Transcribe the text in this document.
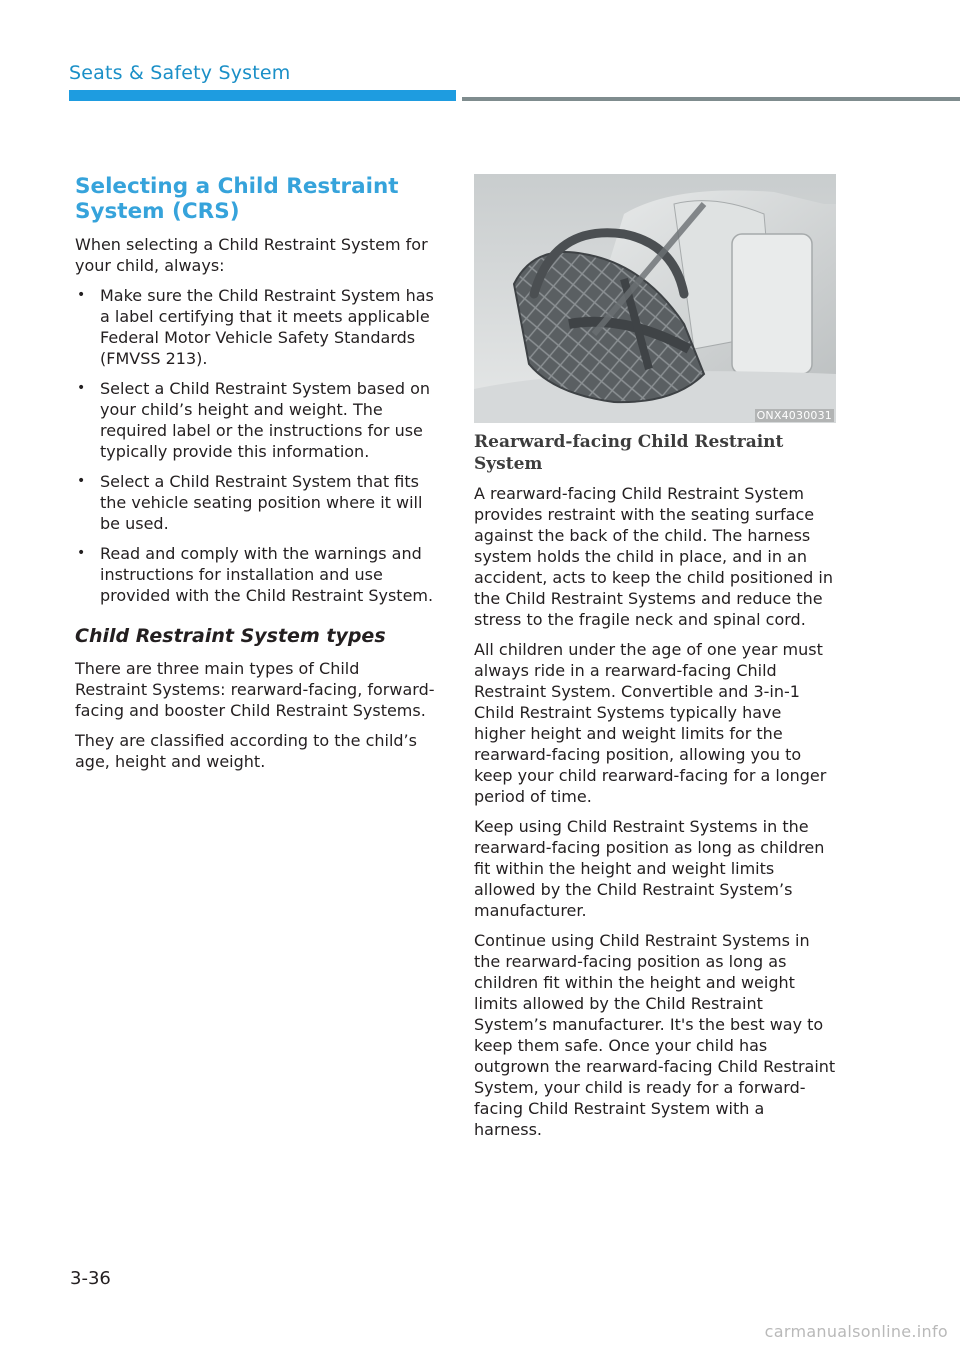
Seats & Safety System
Selecting a Child Restraint System (CRS)

When selecting a Child Restraint System for your child, always:

• Make sure the Child Restraint System has a label certifying that it meets applicable Federal Motor Vehicle Safety Standards (FMVSS 213).
• Select a Child Restraint System based on your child’s height and weight. The required label or the instructions for use typically provide this information.
• Select a Child Restraint System that fits the vehicle seating position where it will be used.
• Read and comply with the warnings and instructions for installation and use provided with the Child Restraint System.
Child Restraint System types

There are three main types of Child Restraint Systems: rearward-facing, forward-facing and booster Child Restraint Systems.

They are classified according to the child’s age, height and weight.

ONX4030031

Rearward-facing Child Restraint System

A rearward-facing Child Restraint System provides restraint with the seating surface against the back of the child. The harness system holds the child in place, and in an accident, acts to keep the child positioned in the Child Restraint Systems and reduce the stress to the fragile neck and spinal cord.

All children under the age of one year must always ride in a rearward-facing Child Restraint System. Convertible and 3-in-1 Child Restraint Systems typically have higher height and weight limits for the rearward-facing position, allowing you to keep your child rearward-facing for a longer period of time.

Keep using Child Restraint Systems in the rearward-facing position as long as children fit within the height and weight limits allowed by the Child Restraint System’s manufacturer.

Continue using Child Restraint Systems in the rearward-facing position as long as children fit within the height and weight limits allowed by the Child Restraint System’s manufacturer. It's the best way to keep them safe. Once your child has outgrown the rearward-facing Child Restraint System, your child is ready for a forward-facing Child Restraint System with a harness.

3-36
carmanualsonline.info
